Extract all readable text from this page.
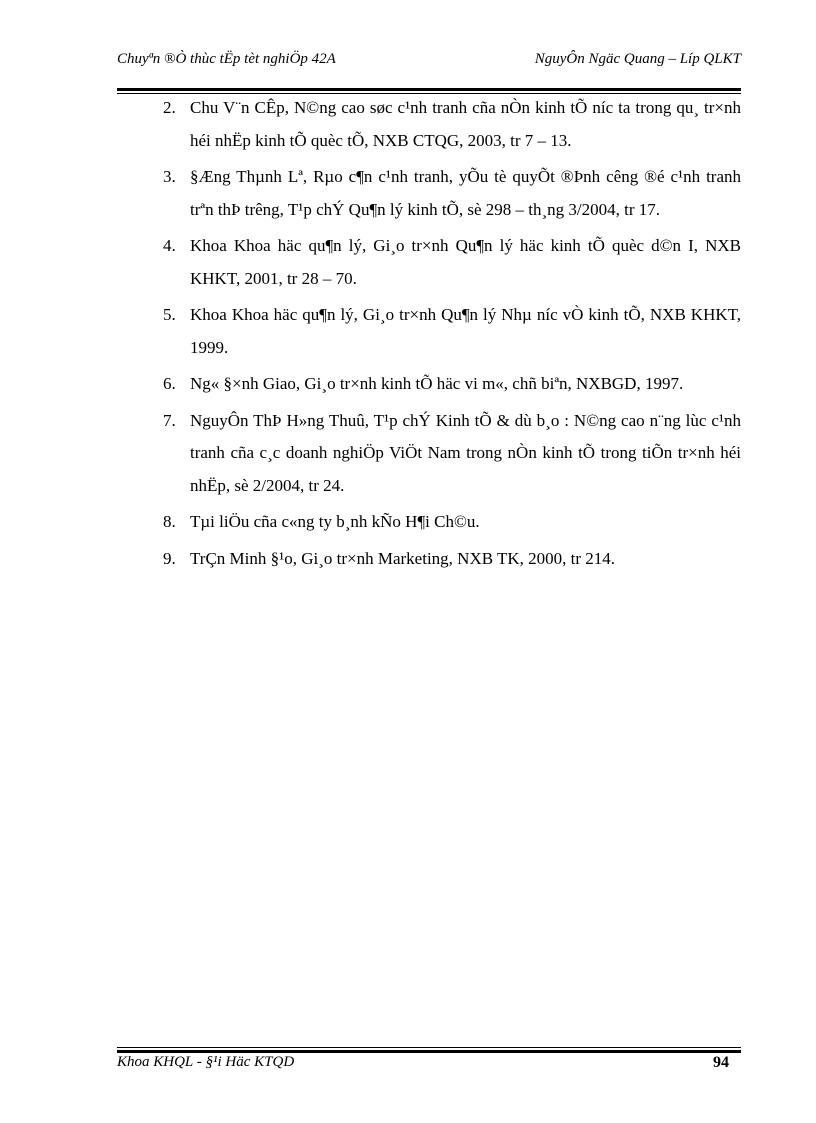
Chuyªn ®Ò thùc tËp tèt nghiÖp 42A	NguyÔn Ngäc Quang – Líp QLKT
2. Chu V¨n CÊp, N©ng cao søc c¹nh tranh cña nÒn kinh tÕ níc ta trong qu¸ tr×nh héi nhËp kinh tÕ quèc tÕ, NXB CTQG, 2003, tr 7 – 13.
3. §Æng Thµnh Lª, Rµo c¶n c¹nh tranh, yÕu tè quyÕt ®Þnh cêng ®é c¹nh tranh trªn thÞ trêng, T¹p chÝ Qu¶n lý kinh tÕ, sè 298 – th¸ng 3/2004, tr 17.
4. Khoa Khoa häc qu¶n lý, Gi¸o tr×nh Qu¶n lý häc kinh tÕ quèc d©n I, NXB KHKT, 2001, tr 28 – 70.
5. Khoa Khoa häc qu¶n lý, Gi¸o tr×nh Qu¶n lý Nhµ níc vÒ kinh tÕ, NXB KHKT, 1999.
6. Ng« §×nh Giao, Gi¸o tr×nh kinh tÕ häc vi m«, chñ biªn, NXBGD, 1997.
7. NguyÔn ThÞ H»ng Thuû, T¹p chÝ Kinh tÕ & dù b¸o : N©ng cao n¨ng lùc c¹nh tranh cña c¸c doanh nghiÖp ViÖt Nam trong nÒn kinh tÕ trong tiÕn tr×nh héi nhËp, sè 2/2004, tr 24.
8. Tµi liÖu cña c«ng ty b¸nh kÑo H¶i Ch©u.
9. TrÇn Minh §¹o, Gi¸o tr×nh Marketing, NXB TK, 2000, tr 214.
Khoa KHQL - §¹i Häc KTQD	94
